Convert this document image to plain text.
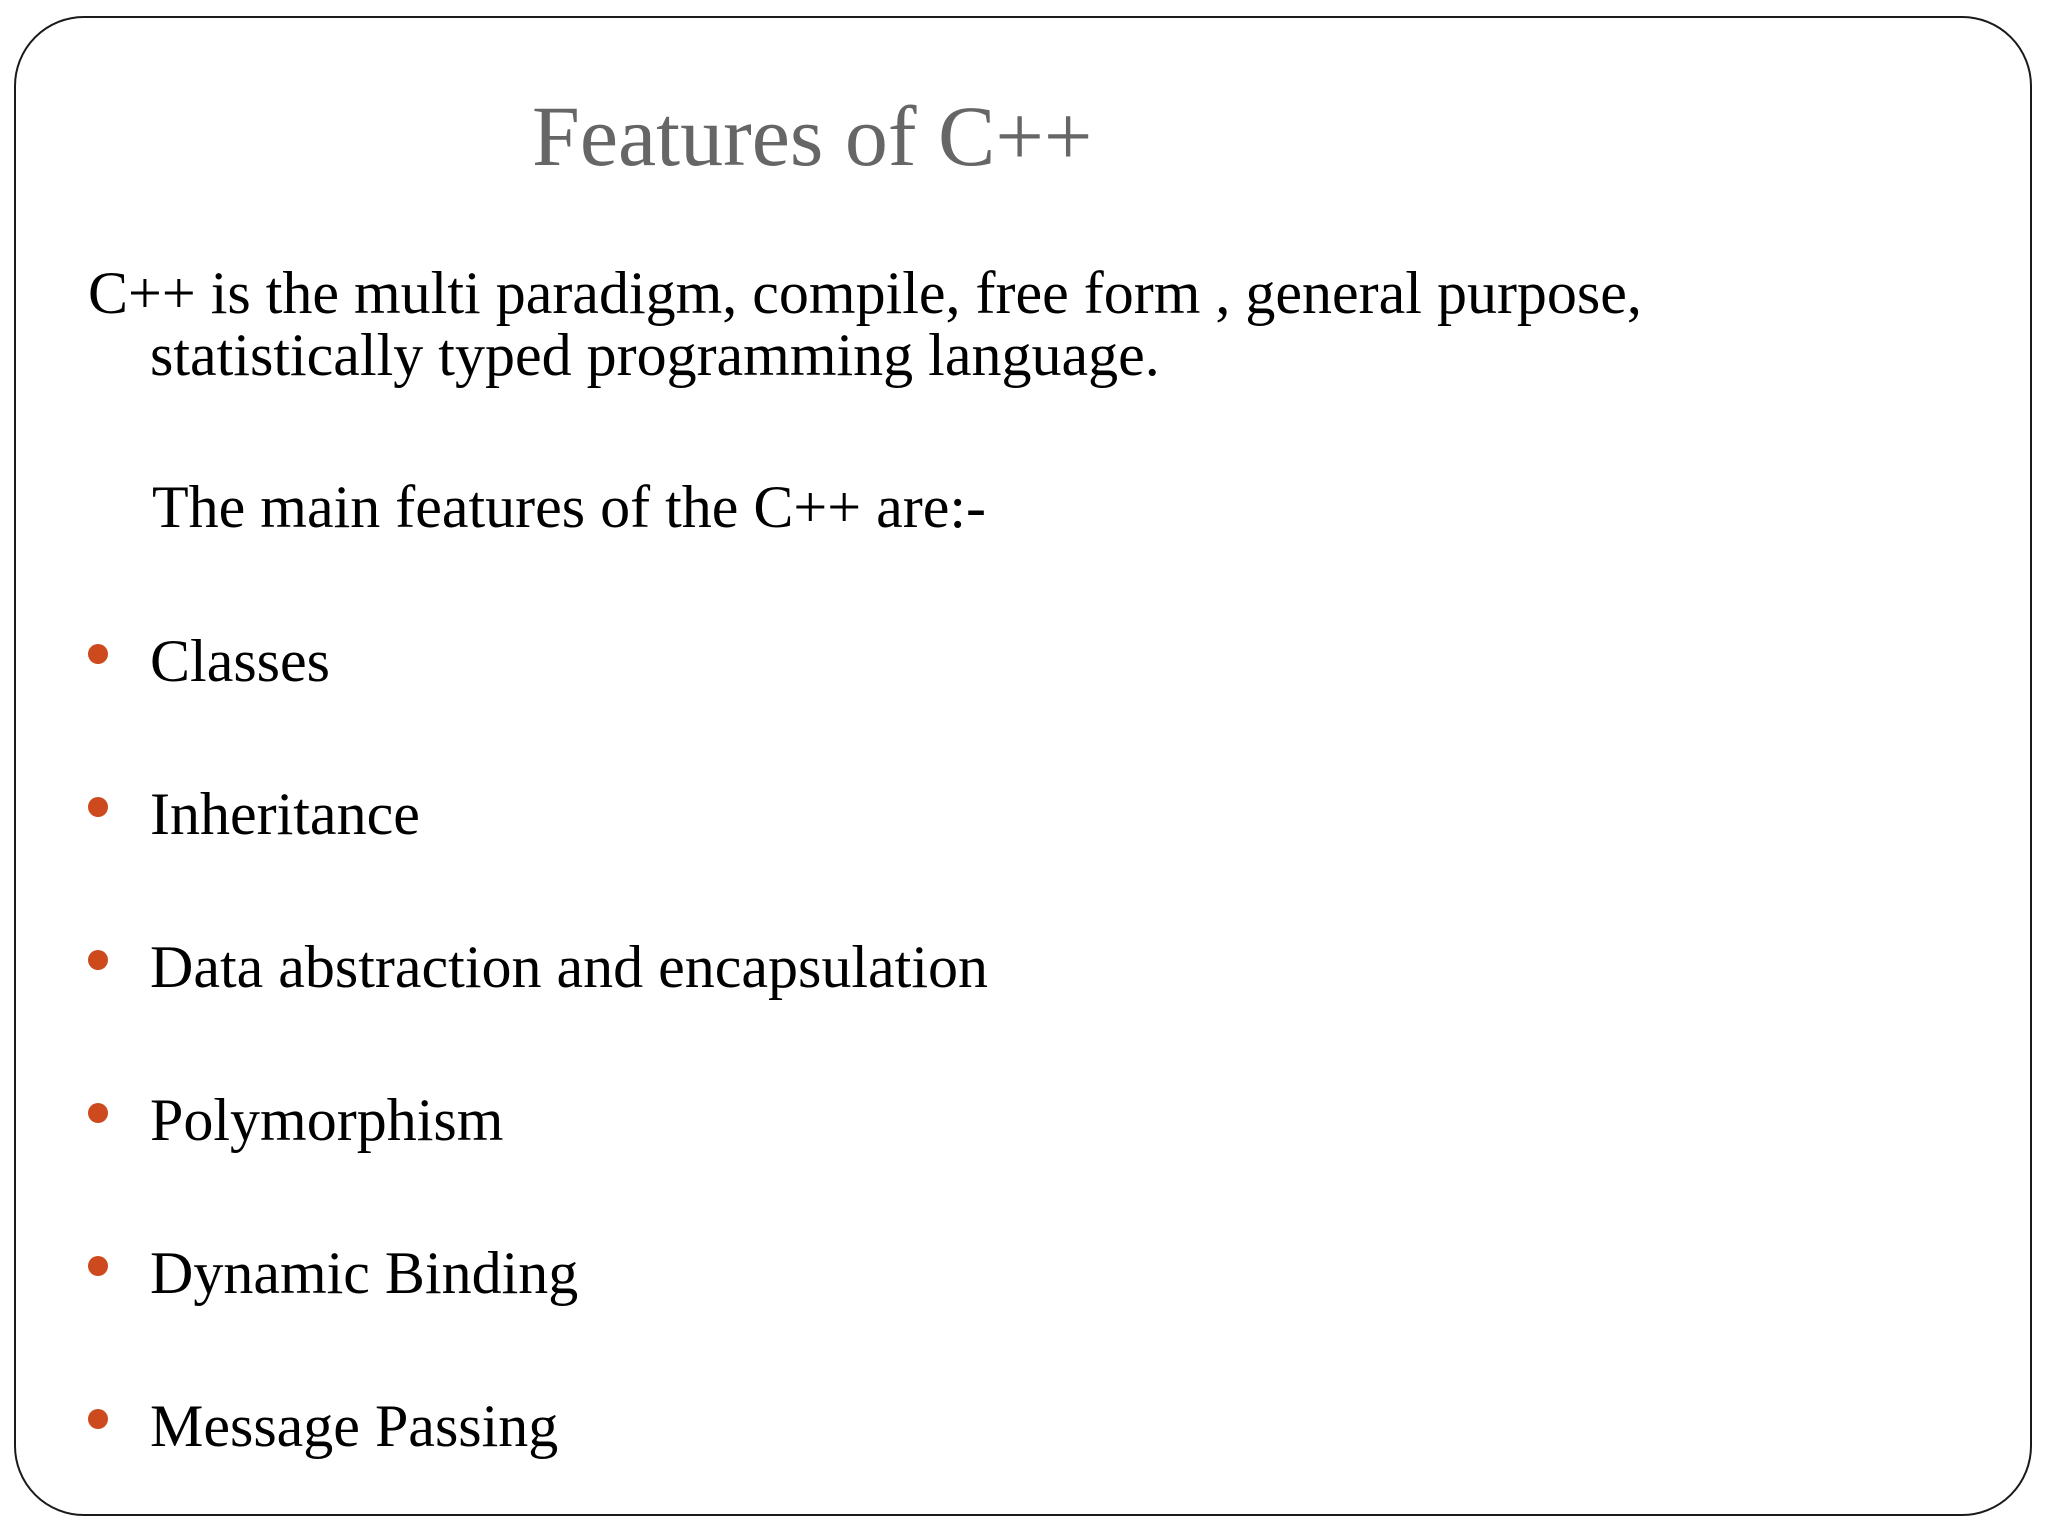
Features of C++
C++ is the multi paradigm, compile, free form , general purpose,
statistically typed programming language.
The main features of the C++ are:-
Classes
Inheritance
Data abstraction and encapsulation
Polymorphism
Dynamic Binding
Message Passing
